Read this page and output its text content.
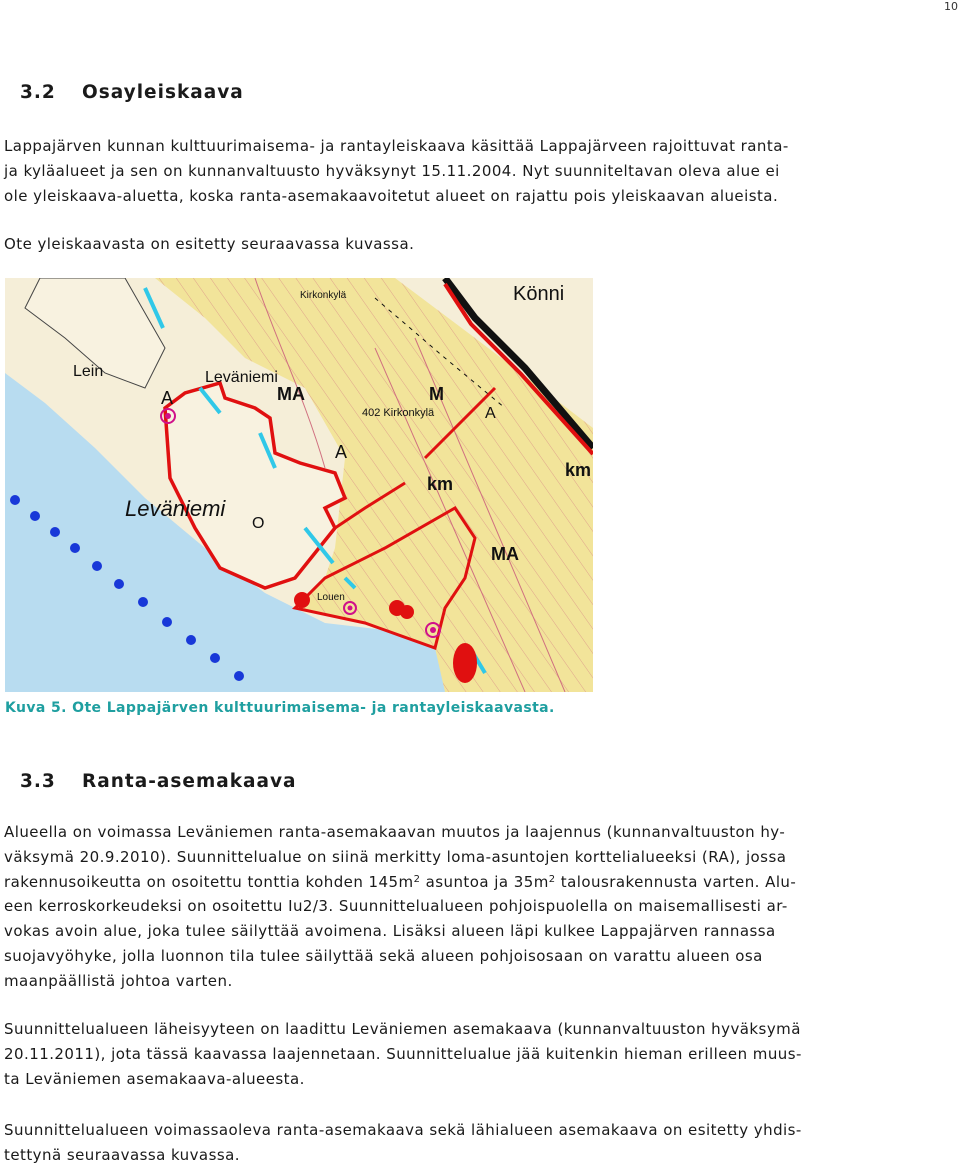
10
3.2 Osayleiskaava
Lappajärven kunnan kulttuurimaisema- ja rantayleiskaava käsittää Lappajärveen rajoittuvat ranta-
ja kyläalueet ja sen on kunnanvaltuusto hyväksynyt 15.11.2004. Nyt suunniteltavan oleva alue ei
ole yleiskaava-aluetta, koska ranta-asemakaavoitetut alueet on rajattu pois yleiskaavan alueista.
Ote yleiskaavasta on esitetty seuraavassa kuvassa.
Kirkonkylä	Könni
Lein	Leväniemi
A	MA	M
402 Kirkonkylä
A
km
km
Leväniemi
O
MA
A
Louen
Kuva 5. Ote Lappajärven kulttuurimaisema- ja rantayleiskaavasta.
3.3 Ranta-asemakaava
Alueella on voimassa Leväniemen ranta-asemakaavan muutos ja laajennus (kunnanvaltuuston hy-
väksymä 20.9.2010). Suunnittelualue on siinä merkitty loma-asuntojen korttelialueeksi (RA), jossa
rakennusoikeutta on osoitettu tonttia kohden $145m^2$ asuntoa ja $35m^2$ talousrakennusta varten. Alu-
een kerroskorkeudeksi on osoitettu Iu2/3. Suunnittelualueen pohjoispuolella on maisemallisesti ar-
vokas avoin alue, joka tulee säilyttää avoimena. Lisäksi alueen läpi kulkee Lappajärven rannassa
suojavyöhyke, jolla luonnon tila tulee säilyttää sekä alueen pohjoisosaan on varattu alueen osa
maanpäällistä johtoa varten.
Suunnittelualueen läheisyyteen on laadittu Leväniemen asemakaava (kunnanvaltuuston hyväksymä
20.11.2011), jota tässä kaavassa laajennetaan. Suunnittelualue jää kuitenkin hieman erilleen muus-
ta Leväniemen asemakaava-alueesta.
Suunnittelualueen voimassaoleva ranta-asemakaava sekä lähialueen asemakaava on esitetty yhdis-
tettynä seuraavassa kuvassa.
